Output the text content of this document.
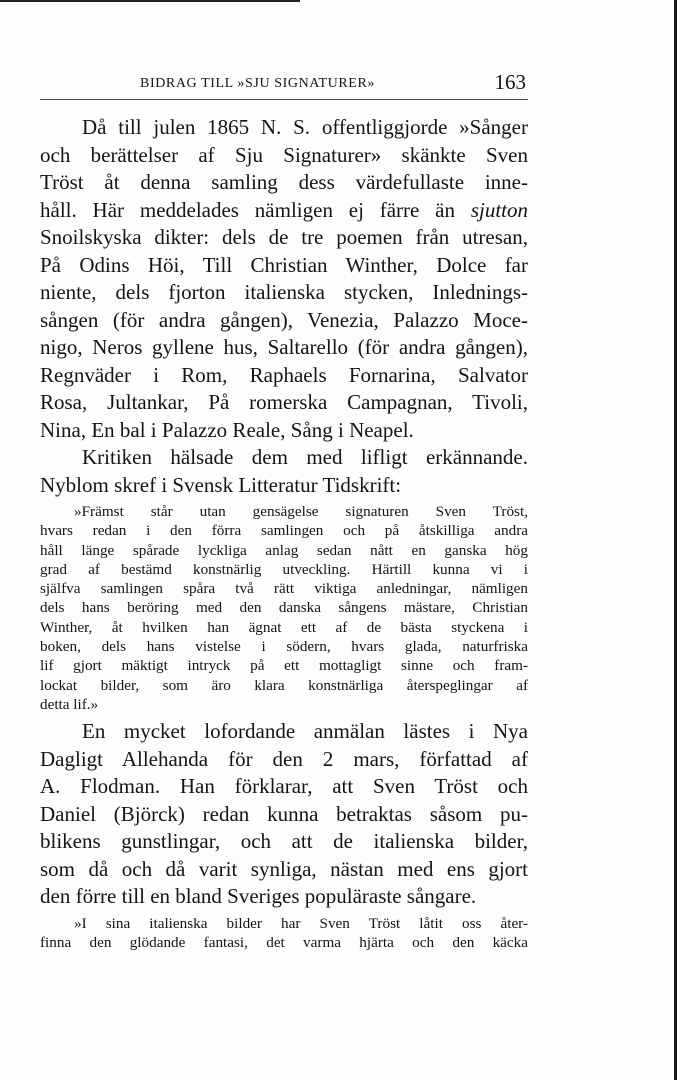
BIDRAG TILL »SJU SIGNATURER»	163
Då till julen 1865 N. S. offentliggjorde »Sånger
och berättelser af Sju Signaturer» skänkte Sven
Tröst åt denna samling dess värdefullaste inne-
håll. Här meddelades nämligen ej färre än sjutton
Snoilskyska dikter: dels de tre poemen från utresan,
På Odins Höi, Till Christian Winther, Dolce far
niente, dels fjorton italienska stycken, Inlednings-
sången (för andra gången), Venezia, Palazzo Moce-
nigo, Neros gyllene hus, Saltarello (för andra gången),
Regnväder i Rom, Raphaels Fornarina, Salvator
Rosa, Jultankar, På romerska Campagnan, Tivoli,
Nina, En bal i Palazzo Reale, Sång i Neapel.
Kritiken hälsade dem med lifligt erkännande.
Nyblom skref i Svensk Litteratur Tidskrift:
»Främst står utan gensägelse signaturen Sven Tröst,
hvars redan i den förra samlingen och på åtskilliga andra
håll länge spårade lyckliga anlag sedan nått en ganska hög
grad af bestämd konstnärlig utveckling. Härtill kunna vi i
själfva samlingen spåra två rätt viktiga anledningar, nämligen
dels hans beröring med den danska sångens mästare, Christian
Winther, åt hvilken han ägnat ett af de bästa styckena i
boken, dels hans vistelse i södern, hvars glada, naturfriska
lif gjort mäktigt intryck på ett mottagligt sinne och fram-
lockat bilder, som äro klara konstnärliga återspeglingar af
detta lif.»
En mycket lofordande anmälan lästes i Nya
Dagligt Allehanda för den 2 mars, författad af
A. Flodman. Han förklarar, att Sven Tröst och
Daniel (Björck) redan kunna betraktas såsom pu-
blikens gunstlingar, och att de italienska bilder,
som då och då varit synliga, nästan med ens gjort
den förre till en bland Sveriges populäraste sångare.
»I sina italienska bilder har Sven Tröst låtit oss åter-
finna den glödande fantasi, det varma hjärta och den käcka
